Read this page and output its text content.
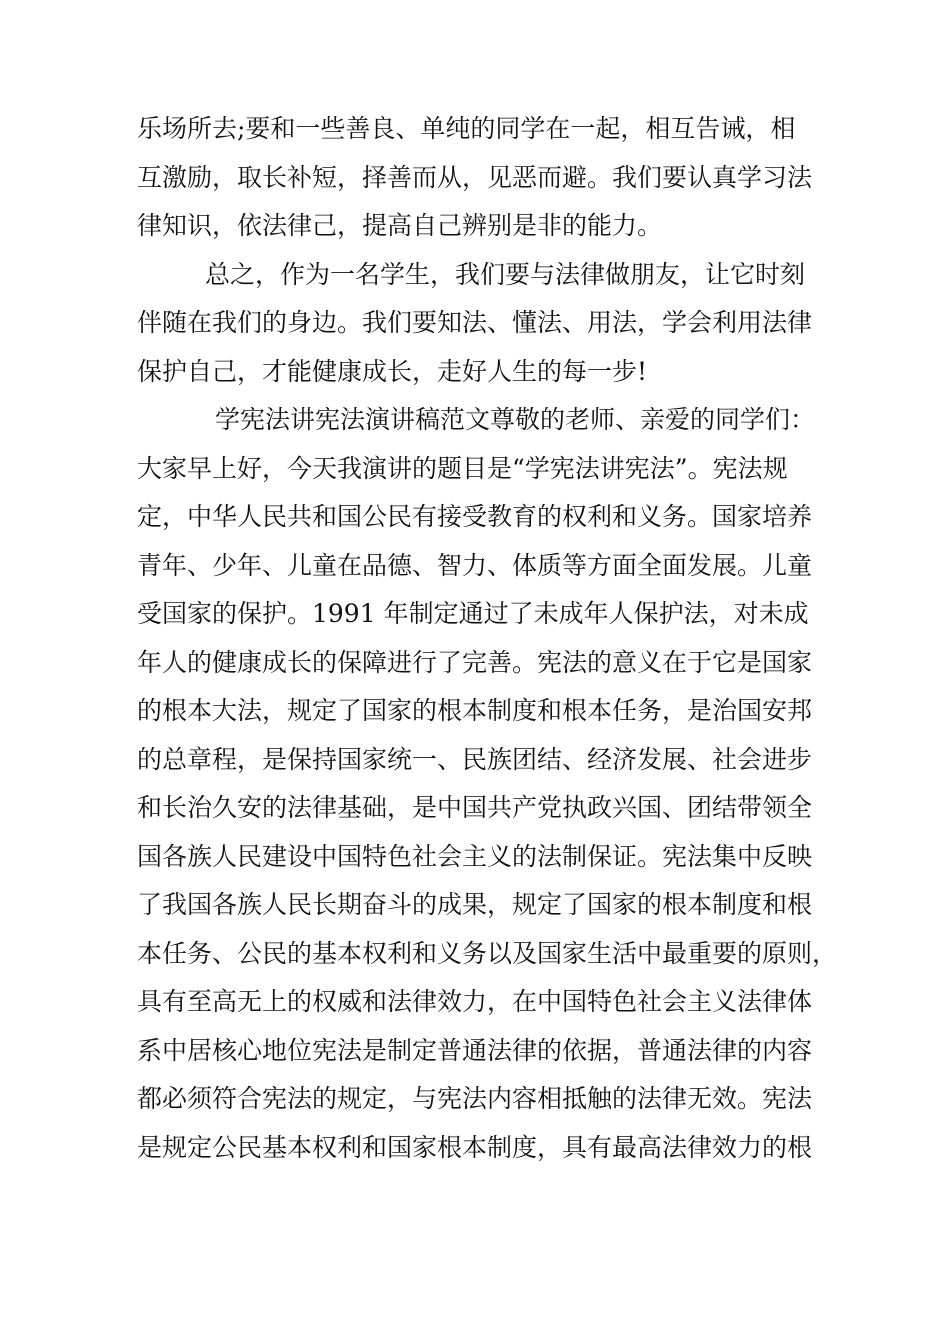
乐场所去;要和一些善良、单纯的同学在一起，相互告诫，相
互激励，取长补短，择善而从，见恶而避。我们要认真学习法
律知识，依法律己，提高自己辨别是非的能力。
总之，作为一名学生，我们要与法律做朋友，让它时刻
伴随在我们的身边。我们要知法、懂法、用法，学会利用法律
保护自己，才能健康成长，走好人生的每一步!
学宪法讲宪法演讲稿范文尊敬的老师、亲爱的同学们：
大家早上好，今天我演讲的题目是“学宪法讲宪法”。宪法规
定，中华人民共和国公民有接受教育的权利和义务。国家培养
青年、少年、儿童在品德、智力、体质等方面全面发展。儿童
受国家的保护。1991 年制定通过了未成年人保护法，对未成
年人的健康成长的保障进行了完善。宪法的意义在于它是国家
的根本大法，规定了国家的根本制度和根本任务，是治国安邦
的总章程，是保持国家统一、民族团结、经济发展、社会进步
和长治久安的法律基础，是中国共产党执政兴国、团结带领全
国各族人民建设中国特色社会主义的法制保证。宪法集中反映
了我国各族人民长期奋斗的成果，规定了国家的根本制度和根
本任务、公民的基本权利和义务以及国家生活中最重要的原则，
具有至高无上的权威和法律效力，在中国特色社会主义法律体
系中居核心地位宪法是制定普通法律的依据，普通法律的内容
都必须符合宪法的规定，与宪法内容相抵触的法律无效。宪法
是规定公民基本权利和国家根本制度，具有最高法律效力的根
